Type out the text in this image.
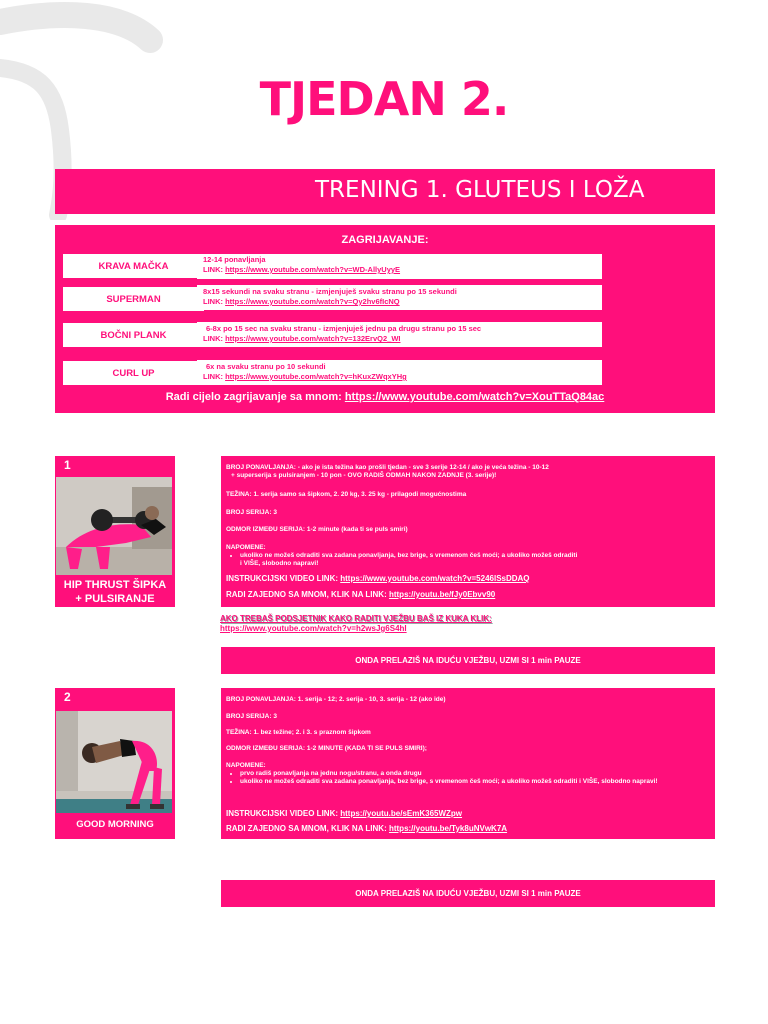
TJEDAN 2.
TRENING 1. GLUTEUS I LOŽA
ZAGRIJAVANJE:
KRAVA MAČKA
12-14 ponavljanja
LINK: https://www.youtube.com/watch?v=WD-AllyUyyE
SUPERMAN
8x15 sekundi na svaku stranu - izmjenjuješ svaku stranu po 15 sekundi
LINK: https://www.youtube.com/watch?v=Qy2hv6fIcNQ
BOČNI PLANK
6-8x po 15 sec na svaku stranu - izmjenjuješ jednu pa drugu stranu po 15 sec
LINK: https://www.youtube.com/watch?v=132ErvQ2_WI
CURL UP
6x na svaku stranu po 10 sekundi
LINK: https://www.youtube.com/watch?v=hKuxZWqxYHg
Radi cijelo zagrijavanje sa mnom: https://www.youtube.com/watch?v=XouTTaQ84ac
1
HIP THRUST ŠIPKA
+ PULSIRANJE
BROJ PONAVLJANJA: - ako je ista težina kao prošli tjedan - sve 3 serije 12-14 / ako je veća težina - 10-12
+ superserija s pulsiranjem - 10 pon - OVO RADIŠ ODMAH NAKON ZADNJE (3. serije)!
TEŽINA: 1. serija samo sa šipkom, 2. 20 kg, 3. 25 kg - prilagodi mogućnostima
BROJ SERIJA: 3
ODMOR IZMEĐU SERIJA: 1-2 minute (kada ti se puls smiri)
NAPOMENE:
• ukoliko ne možeš odraditi sva zadana ponavljanja, bez brige, s vremenom češ moći; a ukoliko možeš odraditi
i VIŠE, slobodno napravi!
INSTRUKCIJSKI VIDEO LINK: https://www.youtube.com/watch?v=5246lSsDDAQ
RADI ZAJEDNO SA MNOM, KLIK NA LINK: https://youtu.be/fJy0Ebvv90
AKO TREBAŠ PODSJETNIK KAKO RADITI VJEŽBU BAŠ IZ KUKA KLIK:
https://www.youtube.com/watch?v=h2wsJg6S4hI
ONDA PRELAZIŠ NA IDUĆU VJEŽBU, UZMI SI 1 min PAUZE
2
GOOD MORNING
BROJ PONAVLJANJA: 1. serija - 12; 2. serija - 10, 3. serija - 12 (ako ide)
BROJ SERIJA: 3
TEŽINA: 1. bez težine; 2. i 3. s praznom šipkom
ODMOR IZMEĐU SERIJA: 1-2 MINUTE (KADA TI SE PULS SMIRI);
NAPOMENE:
• prvo radiš ponavljanja na jednu nogu/stranu, a onda drugu
• ukoliko ne možeš odraditi sva zadana ponavljanja, bez brige, s vremenom češ moći; a ukoliko možeš odraditi i VIŠE, slobodno napravi!
INSTRUKCIJSKI VIDEO LINK: https://youtu.be/sEmK365WZpw
RADI ZAJEDNO SA MNOM, KLIK NA LINK: https://youtu.be/Tyk8uNVwK7A
ONDA PRELAZIŠ NA IDUĆU VJEŽBU, UZMI SI 1 min PAUZE
